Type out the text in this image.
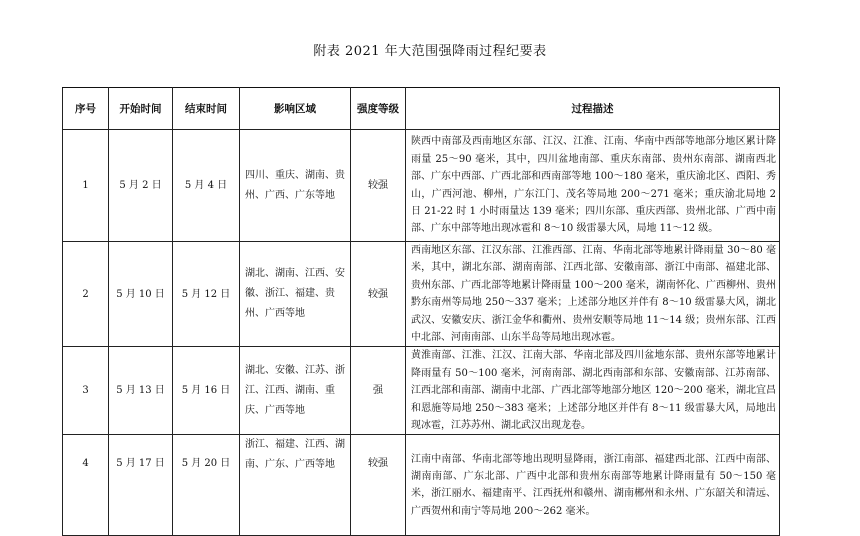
附表 2021 年大范围强降雨过程纪要表
序号	开始时间	结束时间	影响区域	强度等级	过程描述
1	5 月 2 日	5 月 4 日	四川、重庆、湖南、贵州、广西、广东等地	较强	陕西中南部及西南地区东部、江汉、江淮、江南、华南中西部等地部分地区累计降雨量 25～90 毫米，其中，四川盆地南部、重庆东南部、贵州东南部、湖南西北部、广东中西部、广西北部和西南部等地 100～180 毫米，重庆渝北区、酉阳、秀山，广西河池、柳州，广东江门、茂名等局地 200～271 毫米；重庆渝北局地 2 日 21-22 时 1 小时雨量达 139 毫米；四川东部、重庆西部、贵州北部、广西中南部、广东中部等地出现冰雹和 8～10 级雷暴大风，局地 11～12 级。
2	5 月 10 日	5 月 12 日	湖北、湖南、江西、安徽、浙江、福建、贵州、广西等地	较强	西南地区东部、江汉东部、江淮西部、江南、华南北部等地累计降雨量 30～80 毫米，其中，湖北东部、湖南南部、江西北部、安徽南部、浙江中南部、福建北部、贵州东部、广西北部等地累计降雨量 100～200 毫米，湖南怀化、广西柳州、贵州黔东南州等局地 250～337 毫米；上述部分地区并伴有 8～10 级雷暴大风，湖北武汉、安徽安庆、浙江金华和衢州、贵州安顺等局地 11～14 级；贵州东部、江西中北部、河南南部、山东半岛等局地出现冰雹。
3	5 月 13 日	5 月 16 日	湖北、安徽、江苏、浙江、江西、湖南、重庆、广西等地	强	黄淮南部、江淮、江汉、江南大部、华南北部及四川盆地东部、贵州东部等地累计降雨量有 50～100 毫米，河南南部、湖北西南部和东部、安徽南部、江苏南部、江西北部和南部、湖南中北部、广西北部等地部分地区 120～200 毫米，湖北宜昌和恩施等局地 250～383 毫米；上述部分地区并伴有 8～11 级雷暴大风，局地出现冰雹，江苏苏州、湖北武汉出现龙卷。
4	5 月 17 日	5 月 20 日	浙江、福建、江西、湖南、广东、广西等地	较强	江南中南部、华南北部等地出现明显降雨，浙江南部、福建西北部、江西中南部、湖南南部、广东北部、广西中北部和贵州东南部等地累计降雨量有 50～150 毫米，浙江丽水、福建南平、江西抚州和赣州、湖南郴州和永州、广东韶关和清远、广西贺州和南宁等局地 200～262 毫米。
